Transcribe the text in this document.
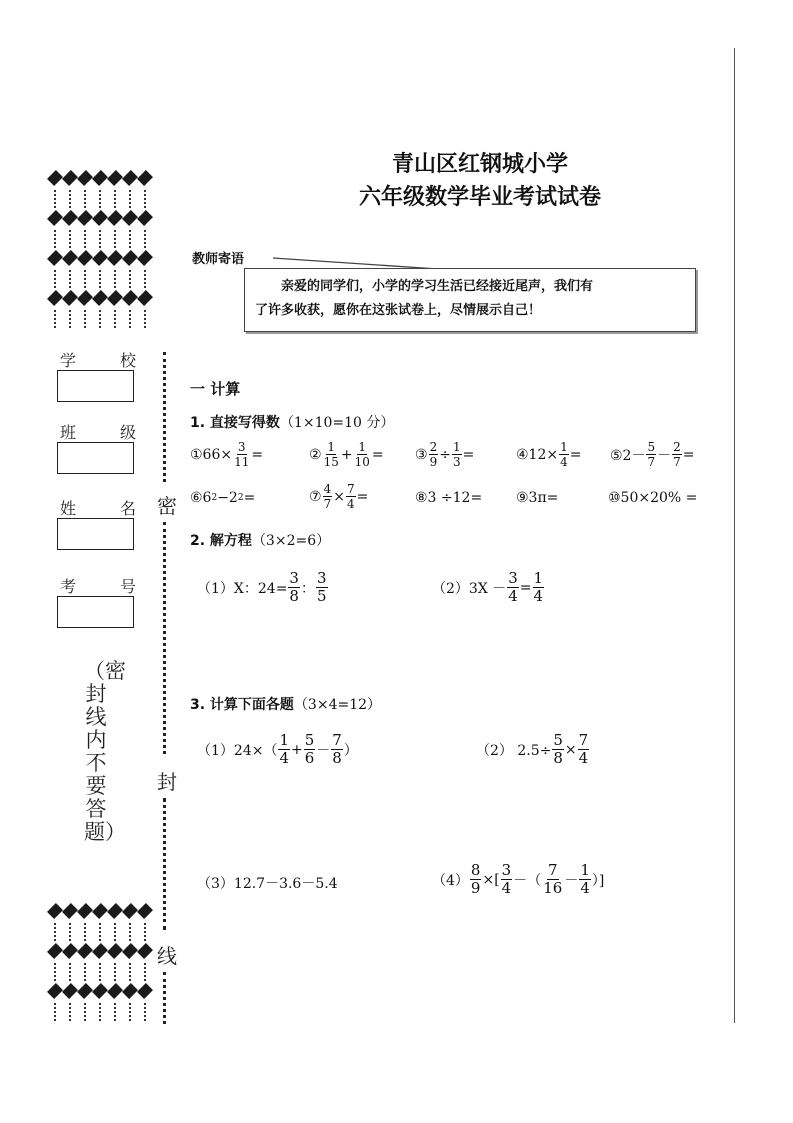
学	校
班	级
姓	名
考	号
（密封线内不要答题）
密
封
线
青山区红钢城小学
六年级数学毕业考试试卷
教师寄语
亲爱的同学们，小学的学习生活已经接近尾声，我们有
了许多收获，愿你在这张试卷上，尽情展示自己！
一 计算
1. 直接写得数（1×10=10 分）
①66× $\frac{3}{11}$ =	② $\frac{1}{15} + \frac{1}{10}$ = ③ $\frac{2}{9} \div \frac{1}{3}$ =	④12× $\frac{1}{4}$ = ⑤2－ $\frac{5}{7} - \frac{2}{7}$ =
⑥6 2 −2 2 =	⑦ $\frac{4}{7} \times \frac{7}{4}$ =	⑧3 ÷12= ⑨3π=	⑩50×20% =
2. 解方程（3×2=6）
（1）X：$24= \frac{3}{8}$ ： $\frac{3}{5}$	$(2)3X - \frac{3}{4} = \frac{1}{4}$
3. 计算下面各题（3×4=12）
$(1)24\times( \frac{1}{4} + \frac{5}{6} - \frac{7}{8}$ ）	（2） $2.5\div \frac{5}{8} \times \frac{7}{4}$
（3）12.7－3.6－5.4	$(4) \frac{8}{9}$ ×[ $\frac{3}{4}$ －（ $\frac{7}{16} - \frac{1}{4}$ ）]
